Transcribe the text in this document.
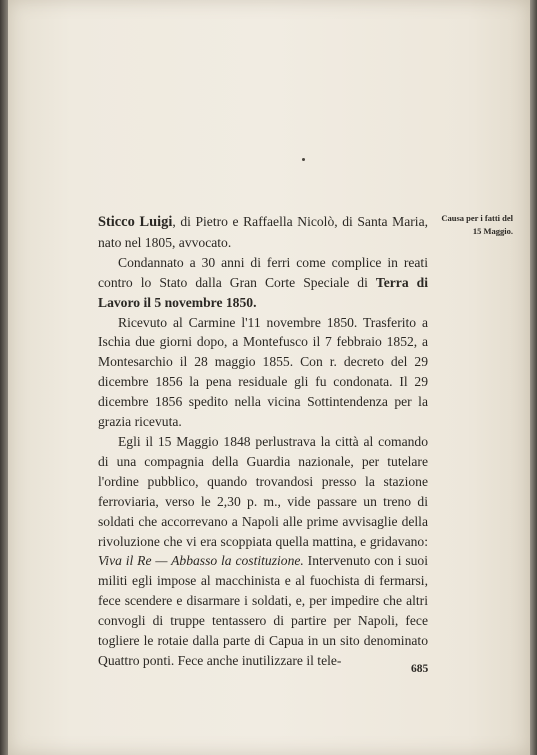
Sticco Luigi, di Pietro e Raffaella Nicolò, di Santa Maria, nato nel 1805, avvocato.

Condannato a 30 anni di ferri come complice in reati contro lo Stato dalla Gran Corte Speciale di Terra di Lavoro il 5 novembre 1850.

Ricevuto al Carmine l'11 novembre 1850. Trasferito a Ischia due giorni dopo, a Montefusco il 7 febbraio 1852, a Montesarchio il 28 maggio 1855. Con r. decreto del 29 dicembre 1856 la pena residuale gli fu condonata. Il 29 dicembre 1856 spedito nella vicina Sottintendenza per la grazia ricevuta.

Egli il 15 Maggio 1848 perlustrava la città al comando di una compagnia della Guardia nazionale, per tutelare l'ordine pubblico, quando trovandosi presso la stazione ferroviaria, verso le 2,30 p. m., vide passare un treno di soldati che accorrevano a Napoli alle prime avvisaglie della rivoluzione che vi era scoppiata quella mattina, e gridavano: Viva il Re — Abbasso la costituzione. Intervenuto con i suoi militi egli impose al macchinista e al fuochista di fermarsi, fece scendere e disarmare i soldati, e, per impedire che altri convogli di truppe tentassero di partire per Napoli, fece togliere le rotaie dalla parte di Capua in un sito denominato Quattro ponti. Fece anche inutilizzare il tele-

Causa per i fatti del 15 Maggio.
685
